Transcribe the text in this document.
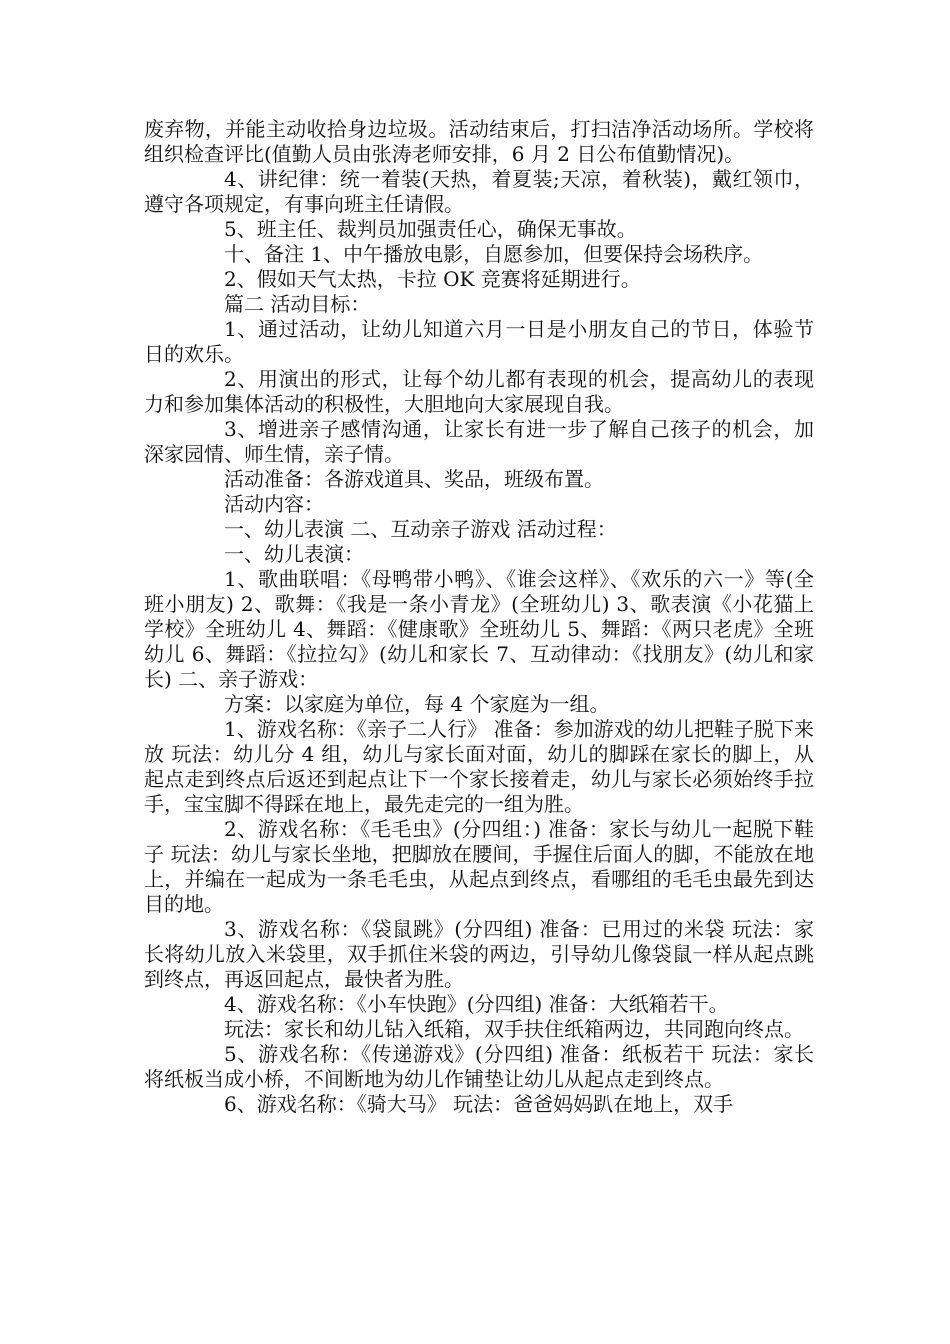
废弃物，并能主动收拾身边垃圾。活动结束后，打扫洁净活动场所。学校将组织检查评比(值勤人员由张涛老师安排，6 月 2 日公布值勤情况)。

4、讲纪律：统一着装(天热，着夏装;天凉，着秋装)，戴红领巾，遵守各项规定，有事向班主任请假。

5、班主任、裁判员加强责任心，确保无事故。

十、备注 1、中午播放电影，自愿参加，但要保持会场秩序。

2、假如天气太热，卡拉 OK 竞赛将延期进行。

篇二 活动目标：

1、通过活动，让幼儿知道六月一日是小朋友自己的节日，体验节日的欢乐。

2、用演出的形式，让每个幼儿都有表现的机会，提高幼儿的表现力和参加集体活动的积极性，大胆地向大家展现自我。

3、增进亲子感情沟通，让家长有进一步了解自己孩子的机会，加深家园情、师生情，亲子情。

活动准备：各游戏道具、奖品，班级布置。

活动内容：

一、幼儿表演 二、互动亲子游戏 活动过程：

一、幼儿表演：

1、歌曲联唱：《母鸭带小鸭》、《谁会这样》、《欢乐的六一》等(全班小朋友) 2、歌舞：《我是一条小青龙》(全班幼儿) 3、歌表演《小花猫上学校》全班幼儿 4、舞蹈：《健康歌》全班幼儿 5、舞蹈：《两只老虎》全班幼儿 6、舞蹈：《拉拉勾》(幼儿和家长 7、互动律动：《找朋友》(幼儿和家长) 二、亲子游戏：

方案：以家庭为单位，每 4 个家庭为一组。

1、游戏名称：《亲子二人行》 准备：参加游戏的幼儿把鞋子脱下来放 玩法：幼儿分 4 组，幼儿与家长面对面，幼儿的脚踩在家长的脚上，从起点走到终点后返还到起点让下一个家长接着走，幼儿与家长必须始终手拉手，宝宝脚不得踩在地上，最先走完的一组为胜。

2、游戏名称：《毛毛虫》(分四组：) 准备：家长与幼儿一起脱下鞋子 玩法：幼儿与家长坐地，把脚放在腰间，手握住后面人的脚，不能放在地上，并编在一起成为一条毛毛虫，从起点到终点，看哪组的毛毛虫最先到达目的地。

3、游戏名称：《袋鼠跳》(分四组) 准备：已用过的米袋 玩法：家长将幼儿放入米袋里，双手抓住米袋的两边，引导幼儿像袋鼠一样从起点跳到终点，再返回起点，最快者为胜。

4、游戏名称：《小车快跑》(分四组) 准备：大纸箱若干。

玩法：家长和幼儿钻入纸箱，双手扶住纸箱两边，共同跑向终点。

5、游戏名称：《传递游戏》(分四组) 准备：纸板若干 玩法：家长将纸板当成小桥，不间断地为幼儿作铺垫让幼儿从起点走到终点。

6、游戏名称：《骑大马》 玩法：爸爸妈妈趴在地上，双手
